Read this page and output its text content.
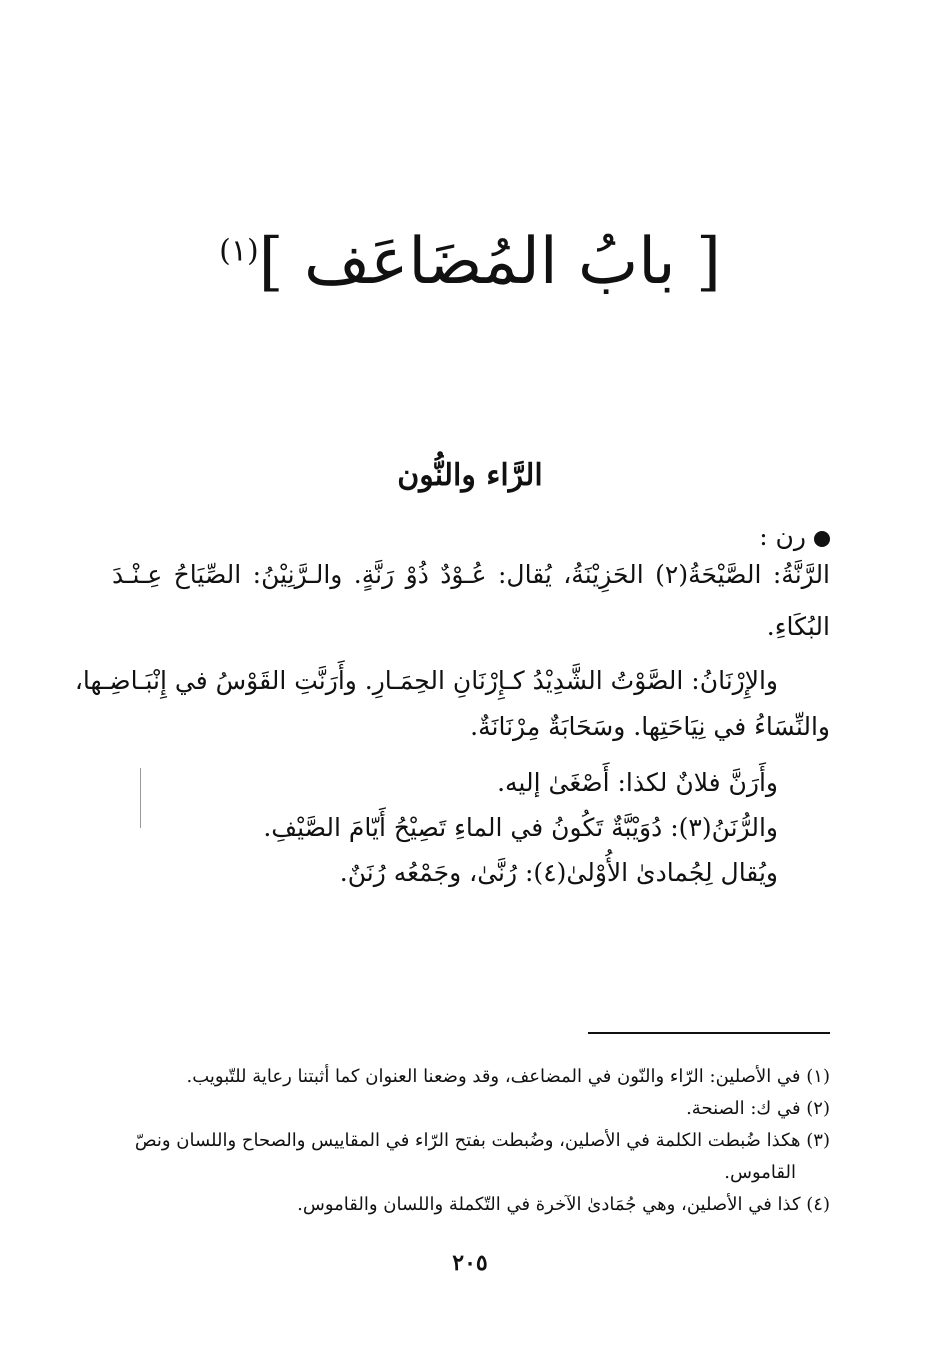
[ بابُ المُضَاعَف ]$^{(١)}$
الرَّاء والنُّون
رن :
الرَّنَّةُ: الصَّيْحَةُ(٢) الحَزِيْنَةُ، يُقال: عُـوْدٌ ذُوْ رَنَّةٍ. والـرَّنِيْنُ: الصِّيَاحُ عِـنْـدَ
البُكَاءِ.
والإِرْنَانُ: الصَّوْتُ الشَّدِيْدُ كـإِرْنَانِ الحِمَـارِ. وأَرَنَّتِ القَوْسُ في إِنْبَـاضِـها،
والنِّسَاءُ في نِيَاحَتِها. وسَحَابَةٌ مِرْنَانَةٌ.
وأَرَنَّ فلانٌ لكذا: أَصْغَىٰ إليه.
والرُّنَنُ(٣): دُوَيْبَّةٌ تَكُونُ في الماءِ تَصِيْحُ أَيّامَ الصَّيْفِ.
ويُقال لِجُمادىٰ الأُوْلىٰ(٤): رُنَّىٰ، وجَمْعُه رُنَنٌ.
(١) في الأصلين: الرّاء والنّون في المضاعف، وقد وضعنا العنوان كما أثبتنا رعاية للتّبويب.
(٢) في ك: الصنحة.
(٣) هكذا ضُبطت الكلمة في الأصلين، وضُبطت بفتح الرّاء في المقاييس والصحاح واللسان ونصّ
القاموس.
(٤) كذا في الأصلين، وهي جُمَادىٰ الآخرة في التّكملة واللسان والقاموس.
٢٠٥
